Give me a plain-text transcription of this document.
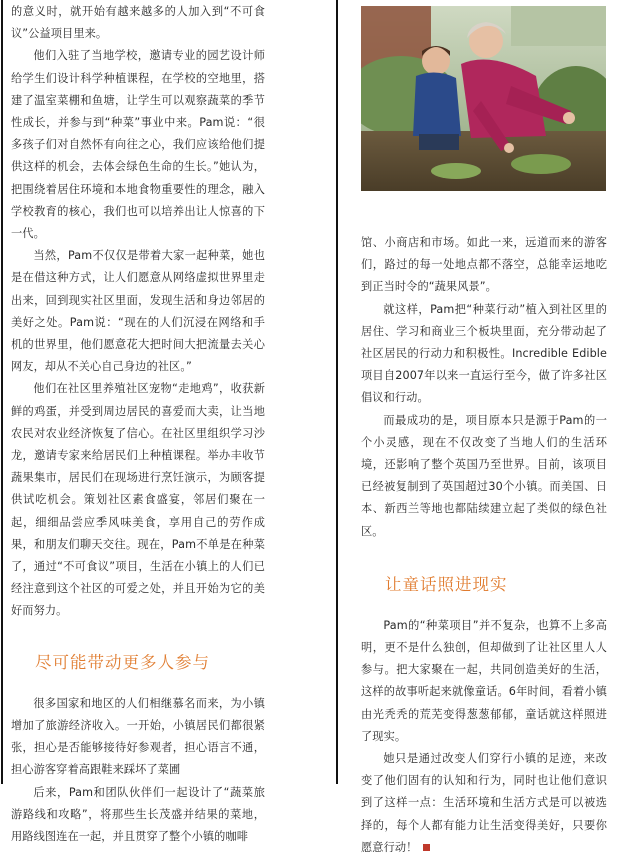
的意义时，就开始有越来越多的人加入到“不可食议”公益项目里来。

他们入驻了当地学校，邀请专业的园艺设计师给学生们设计科学种植课程，在学校的空地里，搭建了温室菜棚和鱼塘，让学生可以观察蔬菜的季节性成长，并参与到“种菜”事业中来。Pam说：“很多孩子们对自然怀有向往之心，我们应该给他们提供这样的机会，去体会绿色生命的生长。”她认为，把围绕着居住环境和本地食物重要性的理念，融入学校教育的核心，我们也可以培养出让人惊喜的下一代。

当然，Pam不仅仅是带着大家一起种菜，她也是在借这种方式，让人们愿意从网络虚拟世界里走出来，回到现实社区里面，发现生活和身边邻居的美好之处。Pam说：“现在的人们沉浸在网络和手机的世界里，他们愿意花大把时间大把流量去关心网友，却从不关心自己身边的社区。”

他们在社区里养殖社区宠物“走地鸡”，收获新鲜的鸡蛋，并受到周边居民的喜爱而大卖，让当地农民对农业经济恢复了信心。在社区里组织学习沙龙，邀请专家来给居民们上种植课程。举办丰收节蔬果集市，居民们在现场进行烹饪演示，为顾客提供试吃机会。策划社区素食盛宴，邻居们聚在一起，细细品尝应季风味美食，享用自己的劳作成果，和朋友们聊天交往。现在，Pam不单是在种菜了，通过“不可食议”项目，生活在小镇上的人们已经注意到这个社区的可爱之处，并且开始为它的美好而努力。

尽可能带动更多人参与

很多国家和地区的人们相继慕名而来，为小镇增加了旅游经济收入。一开始，小镇居民们都很紧张，担心是否能够接待好参观者，担心语言不通，担心游客穿着高跟鞋来踩坏了菜圃

后来，Pam和团队伙伴们一起设计了“蔬菜旅游路线和攻略”，将那些生长茂盛并结果的菜地，用路线图连在一起，并且贯穿了整个小镇的咖啡

馆、小商店和市场。如此一来，远道而来的游客们，路过的每一处地点都不落空，总能幸运地吃到正当时令的“蔬果风景”。

就这样，Pam把“种菜行动”植入到社区里的居住、学习和商业三个板块里面，充分带动起了社区居民的行动力和积极性。Incredible Edible项目自2007年以来一直运行至今，做了许多社区倡议和行动。

而最成功的是，项目原本只是源于Pam的一个小灵感，现在不仅改变了当地人们的生活环境，还影响了整个英国乃至世界。目前，该项目已经被复制到了英国超过30个小镇。而美国、日本、新西兰等地也都陆续建立起了类似的绿色社区。

让童话照进现实

Pam的“种菜项目”并不复杂，也算不上多高明，更不是什么独创，但却做到了让社区里人人参与。把大家聚在一起，共同创造美好的生活，这样的故事听起来就像童话。6年时间，看着小镇由光秃秃的荒芜变得葱葱郁郁，童话就这样照进了现实。

她只是通过改变人们穿行小镇的足迹，来改变了他们固有的认知和行为，同时也让他们意识到了这样一点：生活环境和生活方式是可以被选择的，每个人都有能力让生活变得美好，只要你愿意行动！
